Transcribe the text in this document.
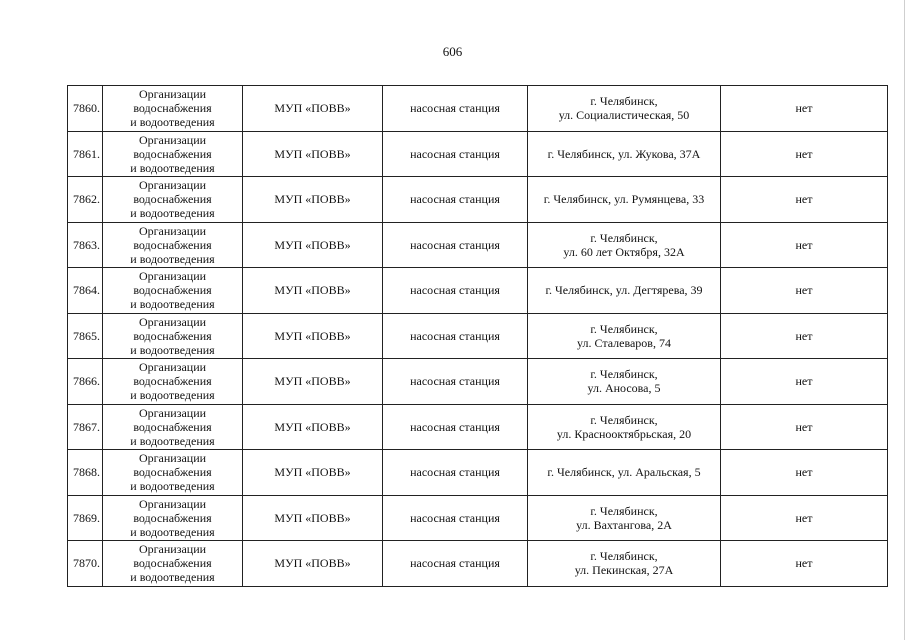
606
7860.	Организации
водоснабжения
и водоотведения	МУП «ПОВВ»	насосная станция	г. Челябинск,
ул. Социалистическая, 50	нет
7861.	Организации
водоснабжения
и водоотведения	МУП «ПОВВ»	насосная станция	г. Челябинск, ул. Жукова, 37А	нет
7862.	Организации
водоснабжения
и водоотведения	МУП «ПОВВ»	насосная станция	г. Челябинск, ул. Румянцева, 33	нет
7863.	Организации
водоснабжения
и водоотведения	МУП «ПОВВ»	насосная станция	г. Челябинск,
ул. 60 лет Октября, 32А	нет
7864.	Организации
водоснабжения
и водоотведения	МУП «ПОВВ»	насосная станция	г. Челябинск, ул. Дегтярева, 39	нет
7865.	Организации
водоснабжения
и водоотведения	МУП «ПОВВ»	насосная станция	г. Челябинск,
ул. Сталеваров, 74	нет
7866.	Организации
водоснабжения
и водоотведения	МУП «ПОВВ»	насосная станция	г. Челябинск,
ул. Аносова, 5	нет
7867.	Организации
водоснабжения
и водоотведения	МУП «ПОВВ»	насосная станция	г. Челябинск,
ул. Краснооктябрьская, 20	нет
7868.	Организации
водоснабжения
и водоотведения	МУП «ПОВВ»	насосная станция	г. Челябинск, ул. Аральская, 5	нет
7869.	Организации
водоснабжения
и водоотведения	МУП «ПОВВ»	насосная станция	г. Челябинск,
ул. Вахтангова, 2А	нет
7870.	Организации
водоснабжения
и водоотведения	МУП «ПОВВ»	насосная станция	г. Челябинск,
ул. Пекинская, 27А	нет
